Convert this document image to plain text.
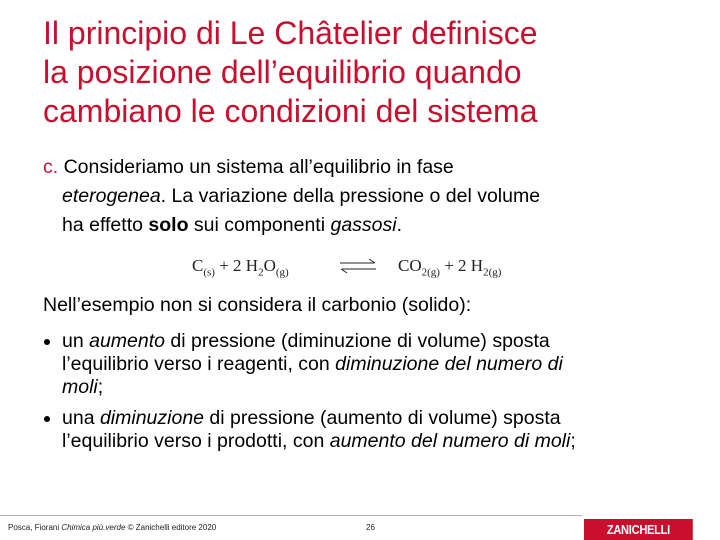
Il principio di Le Châtelier definisce
la posizione dell’equilibrio quando
cambiano le condizioni del sistema
c. Consideriamo un sistema all’equilibrio in fase
eterogenea. La variazione della pressione o del volume
ha effetto solo sui componenti gassosi.
$C_{(s)} + 2$ $H_2O_{(g)}$	⇌ $CO_{2(g)} + 2$ $H_{2(g)}$
Nell’esempio non si considera il carbonio (solido):
un aumento di pressione (diminuzione di volume) sposta
l’equilibrio verso i reagenti, con diminuzione del numero di
moli;
una diminuzione di pressione (aumento di volume) sposta
l’equilibrio verso i prodotti, con aumento del numero di moli;
Posca, Fiorani Chimica più.verde © Zanichelli editore 2020	26	ZANICHELLI
